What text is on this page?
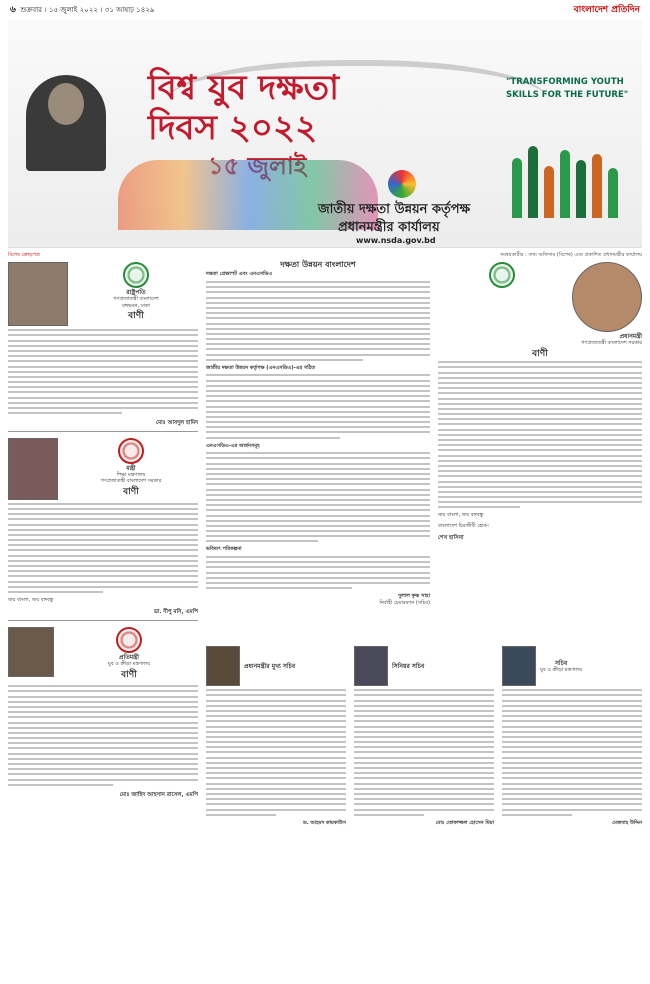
৬ শুক্রবার । ১৫ জুলাই ২০২২ । ৩১ আষাঢ় ১৪২৯	বাংলাদেশ প্রতিদিন
বিশ্ব যুব দক্ষতা
দিবস ২০২২
জাতীয় দক্ষতা উন্নয়ন কর্তৃপক্ষ
প্রধানমন্ত্রীর কার্যালয়
www.nsda.gov.bd
"TRANSFORMING YOUTH SKILLS FOR THE FUTURE"
বিশেষ ক্রোড়পত্র	সমন্বয়কারীর : তথ্য অফিসার (বিশেষ) এবং প্রকাশিত প্রধানমন্ত্রীর কার্যালয়
রাষ্ট্রপতি
গণপ্রজাতন্ত্রী বাংলাদেশ
বঙ্গভবন, ঢাকা
বাণী
মোঃ আবদুল হামিদ
মন্ত্রী
শিক্ষা মন্ত্রণালয়
গণপ্রজাতন্ত্রী বাংলাদেশ সরকার
বাণী
জয় বাংলা, জয় বঙ্গবন্ধু
ডা. দীপু মনি, এমপি
প্রতিমন্ত্রী
যুব ও ক্রীড়া মন্ত্রণালয়
বাণী
মোঃ জাহিদ আহসান রাসেল, এমপি
দক্ষতা উন্নয়ন বাংলাদেশ
দক্ষতা প্রেক্ষাপট এবং এনএসডিএ
জাতীয় দক্ষতা উন্নয়ন কর্তৃপক্ষ (এনএসডিএ)-এর গঠিত
এনএসডিএ-এর অর্জনসমূহ
ভবিষ্যৎ পরিকল্পনা
দুলাল কৃষ্ণ সাহা
নির্বাহী চেয়ারম্যান (সচিব)
প্রধানমন্ত্রী
গণপ্রজাতন্ত্রী বাংলাদেশ সরকার
বাণী
জয় বাংলা, জয় বঙ্গবন্ধু
বাংলাদেশ চিরজীবী হোক।
শেখ হাসিনা
প্রধানমন্ত্রীর মুখ্য সচিব
ড. আহমদ কায়কাউস
সিনিয়র সচিব
মোঃ তোফাজ্জল হোসেন মিয়া
সচিব
যুব ও ক্রীড়া মন্ত্রণালয়
মেজবাহ উদ্দিন
